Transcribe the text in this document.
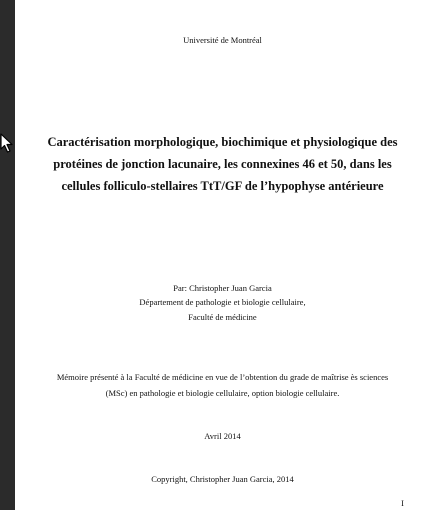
Université de Montréal
Caractérisation morphologique, biochimique et physiologique des
protéines de jonction lacunaire, les connexines 46 et 50, dans les
cellules folliculo-stellaires TtT/GF de l’hypophyse antérieure
Par: Christopher Juan Garcia
Département de pathologie et biologie cellulaire,
Faculté de médicine
Mémoire présenté à la Faculté de médicine en vue de l’obtention du grade de maîtrise ès sciences
(MSc) en pathologie et biologie cellulaire, option biologie cellulaire.
Avril 2014
Copyright, Christopher Juan Garcia, 2014
I
